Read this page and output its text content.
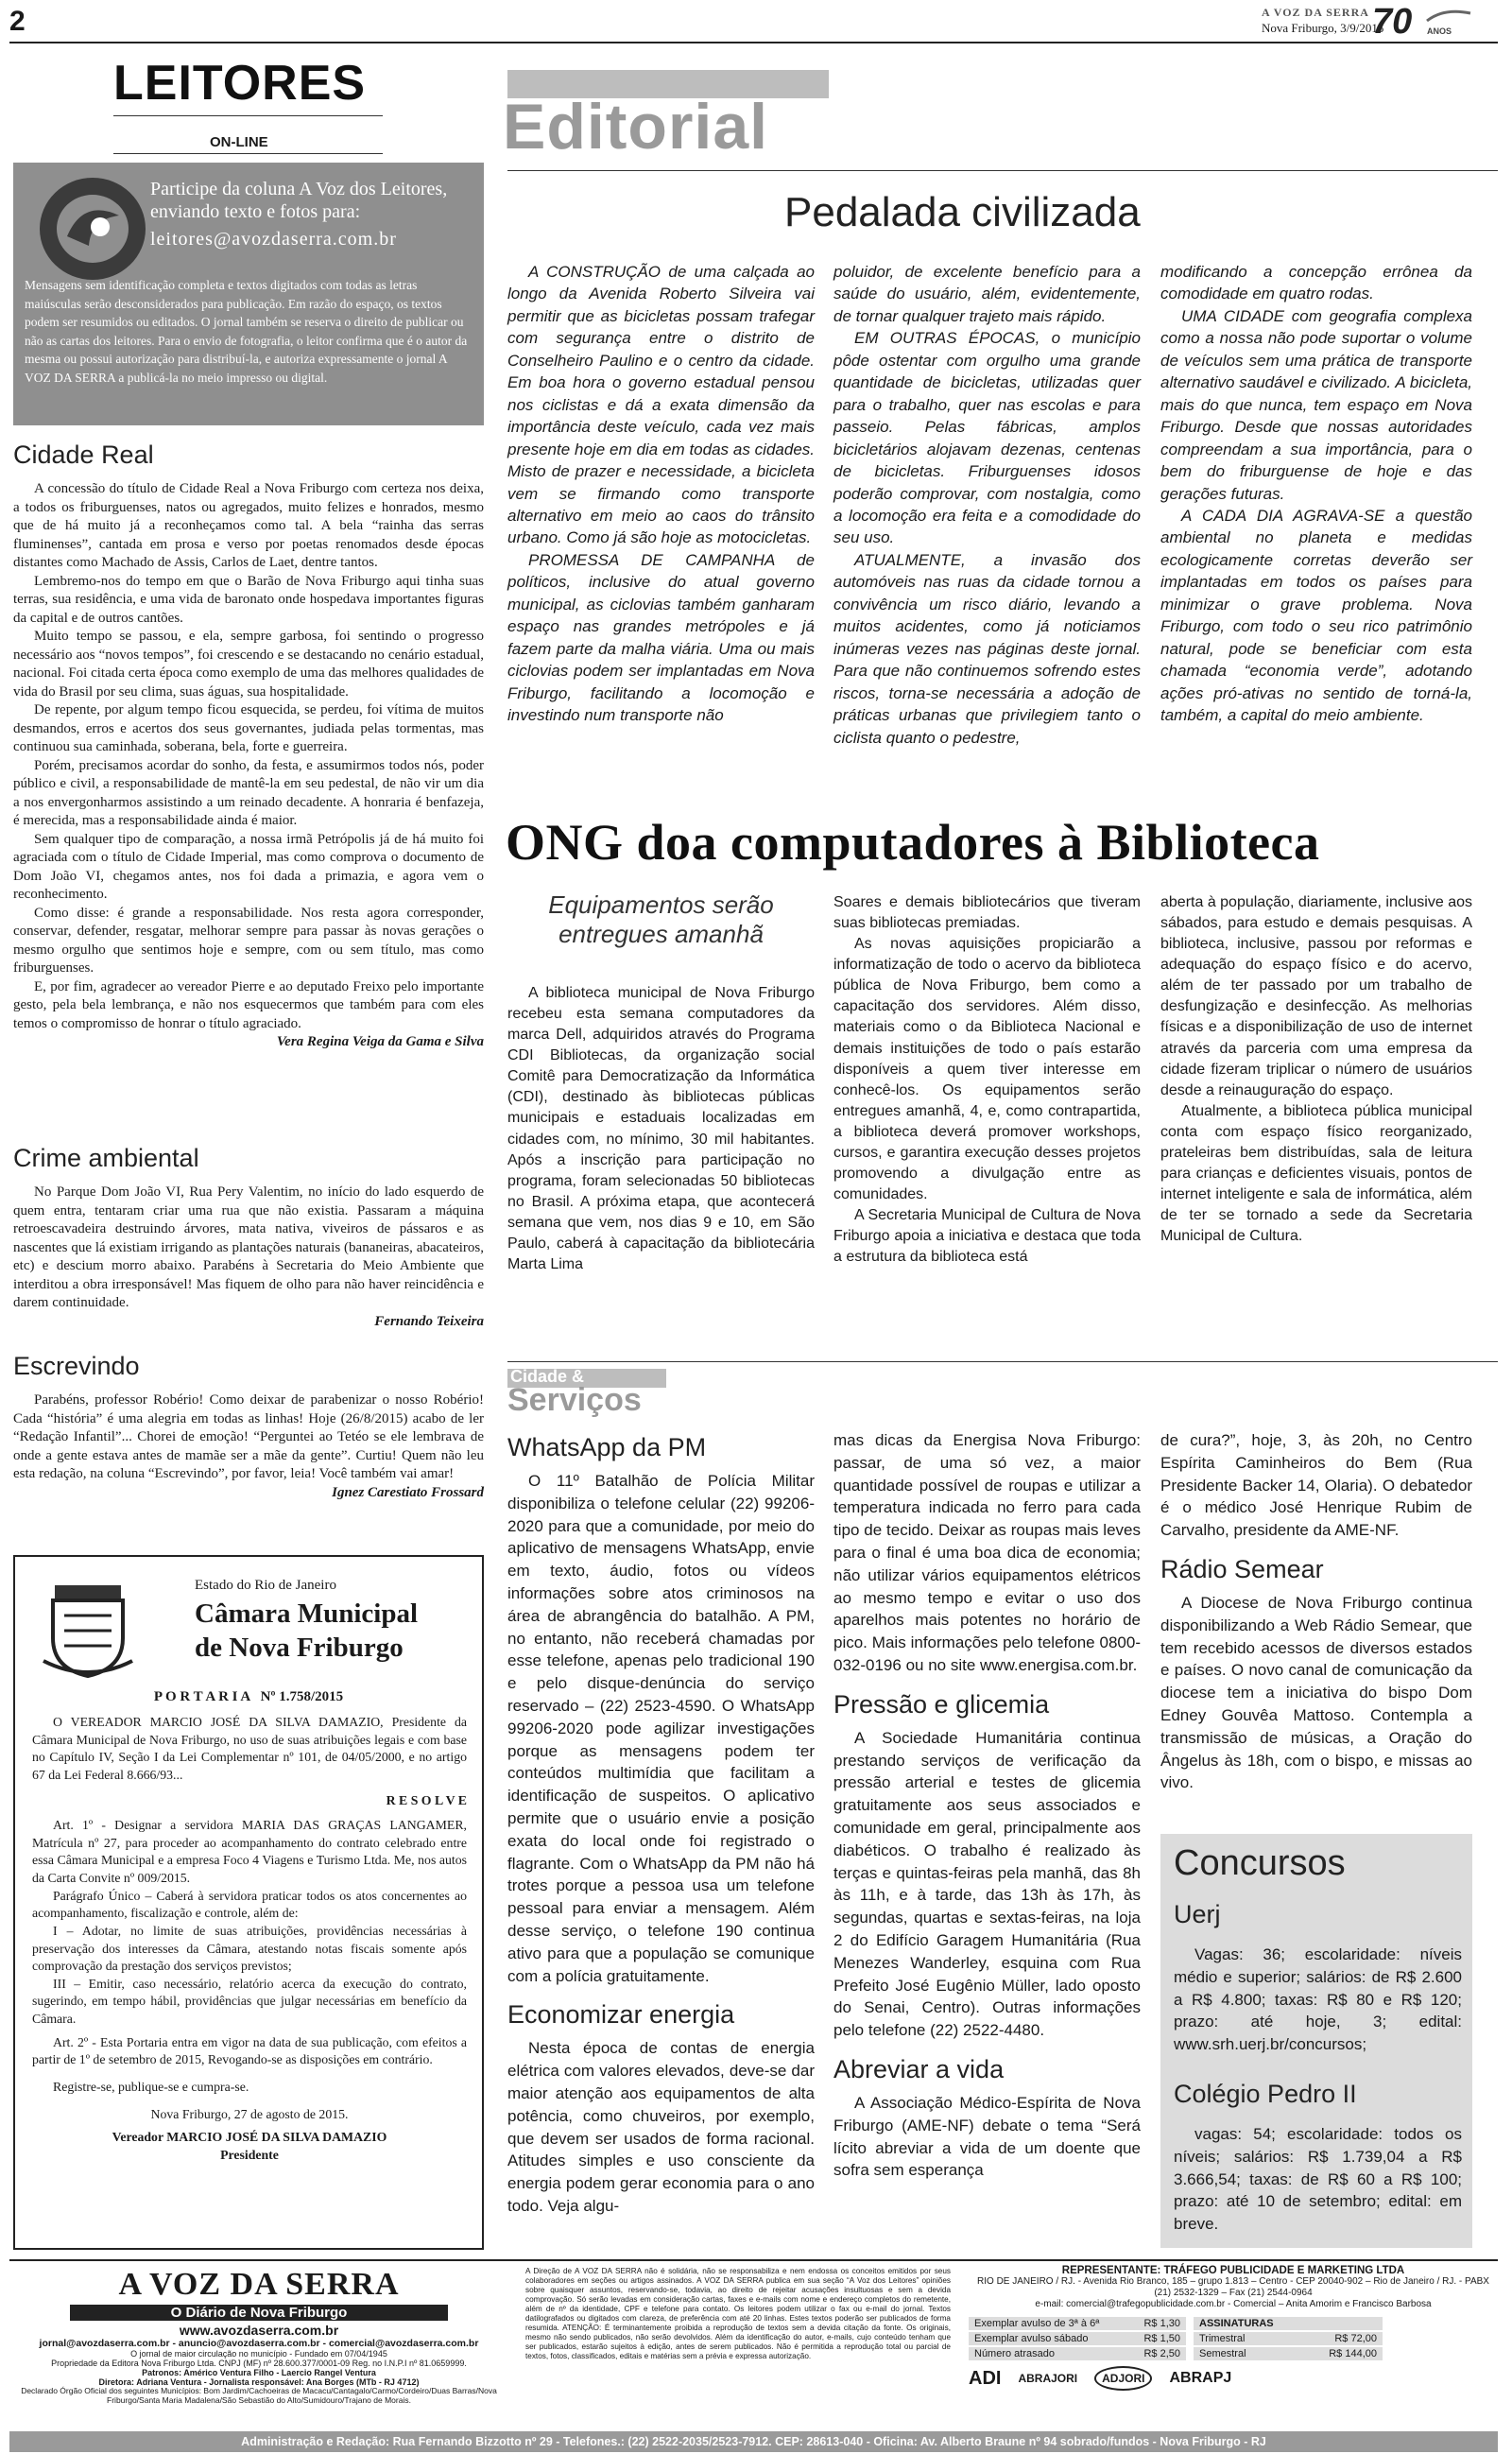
2	A VOZ DA SERRA
Nova Friburgo, 3/9/2015
70 ANOS
LEITORES
ON-LINE
Participe da coluna A Voz dos Leitores, enviando texto e fotos para:
leitores@avozdaserra.com.br
Mensagens sem identificação completa e textos digitados com todas as letras maiúsculas serão desconsiderados para publicação. Em razão do espaço, os textos podem ser resumidos ou editados. O jornal também se reserva o direito de publicar ou não as cartas dos leitores. Para o envio de fotografia, o leitor confirma que é o autor da mesma ou possui autorização para distribuí-la, e autoriza expressamente o jornal A VOZ DA SERRA a publicá-la no meio impresso ou digital.
Cidade Real

A concessão do título de Cidade Real a Nova Friburgo com certeza nos deixa, a todos os friburguenses, natos ou agregados, muito felizes e honrados, mesmo que de há muito já a reconheçamos como tal. A bela “rainha das serras fluminenses”, cantada em prosa e verso por poetas renomados desde épocas distantes como Machado de Assis, Carlos de Laet, dentre tantos.

Lembremo-nos do tempo em que o Barão de Nova Friburgo aqui tinha suas terras, sua residência, e uma vida de baronato onde hospedava importantes figuras da capital e de outros cantões.

Muito tempo se passou, e ela, sempre garbosa, foi sentindo o progresso necessário aos “novos tempos”, foi crescendo e se destacando no cenário estadual, nacional. Foi citada certa época como exemplo de uma das melhores qualidades de vida do Brasil por seu clima, suas águas, sua hospitalidade.

De repente, por algum tempo ficou esquecida, se perdeu, foi vítima de muitos desmandos, erros e acertos dos seus governantes, judiada pelas tormentas, mas continuou sua caminhada, soberana, bela, forte e guerreira.

Porém, precisamos acordar do sonho, da festa, e assumirmos todos nós, poder público e civil, a responsabilidade de mantê-la em seu pedestal, de não vir um dia a nos envergonharmos assistindo a um reinado decadente. A honraria é benfazeja, é merecida, mas a responsabilidade ainda é maior.

Sem qualquer tipo de comparação, a nossa irmã Petrópolis já de há muito foi agraciada com o título de Cidade Imperial, mas como comprova o documento de Dom João VI, chegamos antes, nos foi dada a primazia, e agora vem o reconhecimento.

Como disse: é grande a responsabilidade. Nos resta agora corresponder, conservar, defender, resgatar, melhorar sempre para passar às novas gerações o mesmo orgulho que sentimos hoje e sempre, com ou sem título, mas como friburguenses.

E, por fim, agradecer ao vereador Pierre e ao deputado Freixo pelo importante gesto, pela bela lembrança, e não nos esquecermos que também para com eles temos o compromisso de honrar o título agraciado.

Vera Regina Veiga da Gama e Silva
Crime ambiental

No Parque Dom João VI, Rua Pery Valentim, no início do lado esquerdo de quem entra, tentaram criar uma rua que não existia. Passaram a máquina retroescavadeira destruindo árvores, mata nativa, viveiros de pássaros e as nascentes que lá existiam irrigando as plantações naturais (bananeiras, abacateiros, etc) e descium morro abaixo. Parabéns à Secretaria do Meio Ambiente que interditou a obra irresponsável! Mas fiquem de olho para não haver reincidência e darem continuidade.

Fernando Teixeira
Escrevindo

Parabéns, professor Robério! Como deixar de parabenizar o nosso Robério! Cada “história” é uma alegria em todas as linhas! Hoje (26/8/2015) acabo de ler “Redação Infantil”... Chorei de emoção! “Perguntei ao Tetéo se ele lembrava de onde a gente estava antes de mamãe ser a mãe da gente”. Curtiu! Quem não leu esta redação, na coluna “Escrevindo”, por favor, leia! Você também vai amar!

Ignez Carestiato Frossard
Estado do Rio de Janeiro
Câmara Municipal
de Nova Friburgo
P O R T A R I A   Nº 1.758/2015

O VEREADOR MARCIO JOSÉ DA SILVA DAMAZIO, Presidente da Câmara Municipal de Nova Friburgo, no uso de suas atribuições legais e com base no Capítulo IV, Seção I da Lei Complementar nº 101, de 04/05/2000, e no artigo 67 da Lei Federal 8.666/93...

R E S O L V E

Art. 1º - Designar a servidora MARIA DAS GRAÇAS LANGAMER, Matrícula nº 27, para proceder ao acompanhamento do contrato celebrado entre essa Câmara Municipal e a empresa Foco 4 Viagens e Turismo Ltda. Me, nos autos da Carta Convite nº 009/2015.

Parágrafo Único – Caberá à servidora praticar todos os atos concernentes ao acompanhamento, fiscalização e controle, além de:

I – Adotar, no limite de suas atribuições, providências necessárias à preservação dos interesses da Câmara, atestando notas fiscais somente após comprovação da prestação dos serviços previstos;

III – Emitir, caso necessário, relatório acerca da execução do contrato, sugerindo, em tempo hábil, providências que julgar necessárias em benefício da Câmara.

Art. 2º - Esta Portaria entra em vigor na data de sua publicação, com efeitos a partir de 1º de setembro de 2015, Revogando-se as disposições em contrário.

Registre-se, publique-se e cumpra-se.

Nova Friburgo, 27 de agosto de 2015.

Vereador MARCIO JOSÉ DA SILVA DAMAZIO

Presidente

Editorial
Pedalada civilizada

A CONSTRUÇÃO de uma calçada ao longo da Avenida Roberto Silveira vai permitir que as bicicletas possam trafegar com segurança entre o distrito de Conselheiro Paulino e o centro da cidade. Em boa hora o governo estadual pensou nos ciclistas e dá a exata dimensão da importância deste veículo, cada vez mais presente hoje em dia em todas as cidades. Misto de prazer e necessidade, a bicicleta vem se firmando como transporte alternativo em meio ao caos do trânsito urbano. Como já são hoje as motocicletas.

PROMESSA DE CAMPANHA de políticos, inclusive do atual governo municipal, as ciclovias também ganharam espaço nas grandes metrópoles e já fazem parte da malha viária. Uma ou mais ciclovias podem ser implantadas em Nova Friburgo, facilitando a locomoção e investindo num transporte não

poluidor, de excelente benefício para a saúde do usuário, além, evidentemente, de tornar qualquer trajeto mais rápido.

EM OUTRAS ÉPOCAS, o município pôde ostentar com orgulho uma grande quantidade de bicicletas, utilizadas quer para o trabalho, quer nas escolas e para passeio. Pelas fábricas, amplos bicicletários alojavam dezenas, centenas de bicicletas. Friburguenses idosos poderão comprovar, com nostalgia, como a locomoção era feita e a comodidade do seu uso.

ATUALMENTE, a invasão dos automóveis nas ruas da cidade tornou a convivência um risco diário, levando a muitos acidentes, como já noticiamos inúmeras vezes nas páginas deste jornal. Para que não continuemos sofrendo estes riscos, torna-se necessária a adoção de práticas urbanas que privilegiem tanto o ciclista quanto o pedestre,

modificando a concepção errônea da comodidade em quatro rodas.

UMA CIDADE com geografia complexa como a nossa não pode suportar o volume de veículos sem uma prática de transporte alternativo saudável e civilizado. A bicicleta, mais do que nunca, tem espaço em Nova Friburgo. Desde que nossas autoridades compreendam a sua importância, para o bem do friburguense de hoje e das gerações futuras.

A CADA DIA AGRAVA-SE a questão ambiental no planeta e medidas ecologicamente corretas deverão ser implantadas em todos os países para minimizar o grave problema. Nova Friburgo, com todo o seu rico patrimônio natural, pode se beneficiar com esta chamada “economia verde”, adotando ações pró-ativas no sentido de torná-la, também, a capital do meio ambiente.

ONG doa computadores à Biblioteca
Equipamentos serão entregues amanhã

A biblioteca municipal de Nova Friburgo recebeu esta semana computadores da marca Dell, adquiridos através do Programa CDI Bibliotecas, da organização social Comitê para Democratização da Informática (CDI), destinado às bibliotecas públicas municipais e estaduais localizadas em cidades com, no mínimo, 30 mil habitantes. Após a inscrição para participação no programa, foram selecionadas 50 bibliotecas no Brasil. A próxima etapa, que acontecerá semana que vem, nos dias 9 e 10, em São Paulo, caberá à capacitação da bibliotecária Marta Lima

Soares e demais bibliotecários que tiveram suas bibliotecas premiadas.

As novas aquisições propiciarão a informatização de todo o acervo da biblioteca pública de Nova Friburgo, bem como a capacitação dos servidores. Além disso, materiais como o da Biblioteca Nacional e demais instituições de todo o país estarão disponíveis a quem tiver interesse em conhecê-los. Os equipamentos serão entregues amanhã, 4, e, como contrapartida, a biblioteca deverá promover workshops, cursos, e garantira execução desses projetos promovendo a divulgação entre as comunidades.

A Secretaria Municipal de Cultura de Nova Friburgo apoia a iniciativa e destaca que toda a estrutura da biblioteca está

aberta à população, diariamente, inclusive aos sábados, para estudo e demais pesquisas. A biblioteca, inclusive, passou por reformas e adequação do espaço físico e do acervo, além de ter passado por um trabalho de desfungização e desinfecção. As melhorias físicas e a disponibilização de uso de internet através da parceria com uma empresa da cidade fizeram triplicar o número de usuários desde a reinauguração do espaço.

Atualmente, a biblioteca pública municipal conta com espaço físico reorganizado, prateleiras bem distribuídas, sala de leitura para crianças e deficientes visuais, pontos de internet inteligente e sala de informática, além de ter se tornado a sede da Secretaria Municipal de Cultura.

Cidade &
Serviços
WhatsApp da PM

O 11º Batalhão de Polícia Militar disponibiliza o telefone celular (22) 99206-2020 para que a comunidade, por meio do aplicativo de mensagens WhatsApp, envie em texto, áudio, fotos ou vídeos informações sobre atos criminosos na área de abrangência do batalhão. A PM, no entanto, não receberá chamadas por esse telefone, apenas pelo tradicional 190 e pelo disque-denúncia do serviço reservado – (22) 2523-4590. O WhatsApp 99206-2020 pode agilizar investigações porque as mensagens podem ter conteúdos multimídia que facilitam a identificação de suspeitos. O aplicativo permite que o usuário envie a posição exata do local onde foi registrado o flagrante. Com o WhatsApp da PM não há trotes porque a pessoa usa um telefone pessoal para enviar a mensagem. Além desse serviço, o telefone 190 continua ativo para que a população se comunique com a polícia gratuitamente.

Economizar energia

Nesta época de contas de energia elétrica com valores elevados, deve-se dar maior atenção aos equipamentos de alta potência, como chuveiros, por exemplo, que devem ser usados de forma racional. Atitudes simples e uso consciente da energia podem gerar economia para o ano todo. Veja algu-

mas dicas da Energisa Nova Friburgo: passar, de uma só vez, a maior quantidade possível de roupas e utilizar a temperatura indicada no ferro para cada tipo de tecido. Deixar as roupas mais leves para o final é uma boa dica de economia; não utilizar vários equipamentos elétricos ao mesmo tempo e evitar o uso dos aparelhos mais potentes no horário de pico. Mais informações pelo telefone 0800-032-0196 ou no site www.energisa.com.br.

Pressão e glicemia

A Sociedade Humanitária continua prestando serviços de verificação da pressão arterial e testes de glicemia gratuitamente aos seus associados e comunidade em geral, principalmente aos diabéticos. O trabalho é realizado às terças e quintas-feiras pela manhã, das 8h às 11h, e à tarde, das 13h às 17h, às segundas, quartas e sextas-feiras, na loja 2 do Edifício Garagem Humanitária (Rua Menezes Wanderley, esquina com Rua Prefeito José Eugênio Müller, lado oposto do Senai, Centro). Outras informações pelo telefone (22) 2522-4480.

Abreviar a vida

A Associação Médico-Espírita de Nova Friburgo (AME-NF) debate o tema “Será lícito abreviar a vida de um doente que sofra sem esperança

de cura?”, hoje, 3, às 20h, no Centro Espírita Caminheiros do Bem (Rua Presidente Backer 14, Olaria). O debatedor é o médico José Henrique Rubim de Carvalho, presidente da AME-NF.

Rádio Semear

A Diocese de Nova Friburgo continua disponibilizando a Web Rádio Semear, que tem recebido acessos de diversos estados e países. O novo canal de comunicação da diocese tem a iniciativa do bispo Dom Edney Gouvêa Mattoso. Contempla a transmissão de músicas, a Oração do Ângelus às 18h, com o bispo, e missas ao vivo.

Concursos
Uerj

Vagas: 36; escolaridade: níveis médio e superior; salários: de R$ 2.600 a R$ 4.800; taxas: R$ 80 e R$ 120; prazo: até hoje, 3; edital: www.srh.uerj.br/concursos;

Colégio Pedro II

vagas: 54; escolaridade: todos os níveis; salários: R$ 1.739,04 a R$ 3.666,54; taxas: de R$ 60 a R$ 100; prazo: até 10 de setembro; edital: em breve.

A VOZ DA SERRA
O Diário de Nova Friburgo
www.avozdaserra.com.br
jornal@avozdaserra.com.br - anuncio@avozdaserra.com.br - comercial@avozdaserra.com.br
O jornal de maior circulação no município - Fundado em 07/04/1945
Propriedade da Editora Nova Friburgo Ltda. CNPJ (MF) nº 28.600.377/0001-09 Reg. no I.N.P.I nº 81.0659999.
Patronos: Américo Ventura Filho - Laercio Rangel Ventura
Diretora: Adriana Ventura - Jornalista responsável: Ana Borges (MTb - RJ 4712)
Declarado Órgão Oficial dos seguintes Municípios: Bom Jardim/Cachoeiras de Macacu/Cantagalo/Carmo/Cordeiro/Duas Barras/Nova Friburgo/Santa Maria Madalena/São Sebastião do Alto/Sumidouro/Trajano de Morais.
A Direção de A VOZ DA SERRA não é solidária, não se responsabiliza e nem endossa os conceitos emitidos por seus colaboradores em seções ou artigos assinados. A VOZ DA SERRA publica em sua seção “A Voz dos Leitores” opiniões sobre quaisquer assuntos, reservando-se, todavia, ao direito de rejeitar acusações insultuosas e sem a devida comprovação. Só serão levadas em consideração cartas, faxes e e-mails com nome e endereço completos do remetente, além de nº da identidade, CPF e telefone para contato. Os leitores podem utilizar o fax ou e-mail do jornal. Textos datilografados ou digitados com clareza, de preferência com até 20 linhas. Estes textos poderão ser publicados de forma resumida. ATENÇÃO: É terminantemente proibida a reprodução de textos sem a devida citação da fonte. Os originais, mesmo não sendo publicados, não serão devolvidos. Além da identificação do autor, e-mails, cujo conteúdo tenham que ser publicados, estarão sujeitos à edição, antes de serem publicados. Não é permitida a reprodução total ou parcial de textos, fotos, classificados, editais e matérias sem a prévia e expressa autorização.
REPRESENTANTE: TRÁFEGO PUBLICIDADE E MARKETING LTDA
RIO DE JANEIRO / RJ. - Avenida Rio Branco, 185 – grupo 1.813 – Centro - CEP 20040-902 – Rio de Janeiro / RJ. - PABX (21) 2532-1329 – Fax (21) 2544-0964
e-mail: comercial@trafegopublicidade.com.br - Comercial – Anita Amorim e Francisco Barbosa
Exemplar avulso de 3ª à 6ª	R$ 1,30
Exemplar avulso sábado	R$ 1,50
Número atrasado	R$ 2,50
ASSINATURAS
Trimestral	R$ 72,00
Semestral	R$ 144,00
ADI ABRAJORI	ADJORI	ABRAPJ
Administração e Redação: Rua Fernando Bizzotto nº 29 - Telefones.: (22) 2522-2035/2523-7912. CEP: 28613-040 - Oficina: Av. Alberto Braune nº 94 sobrado/fundos - Nova Friburgo - RJ
